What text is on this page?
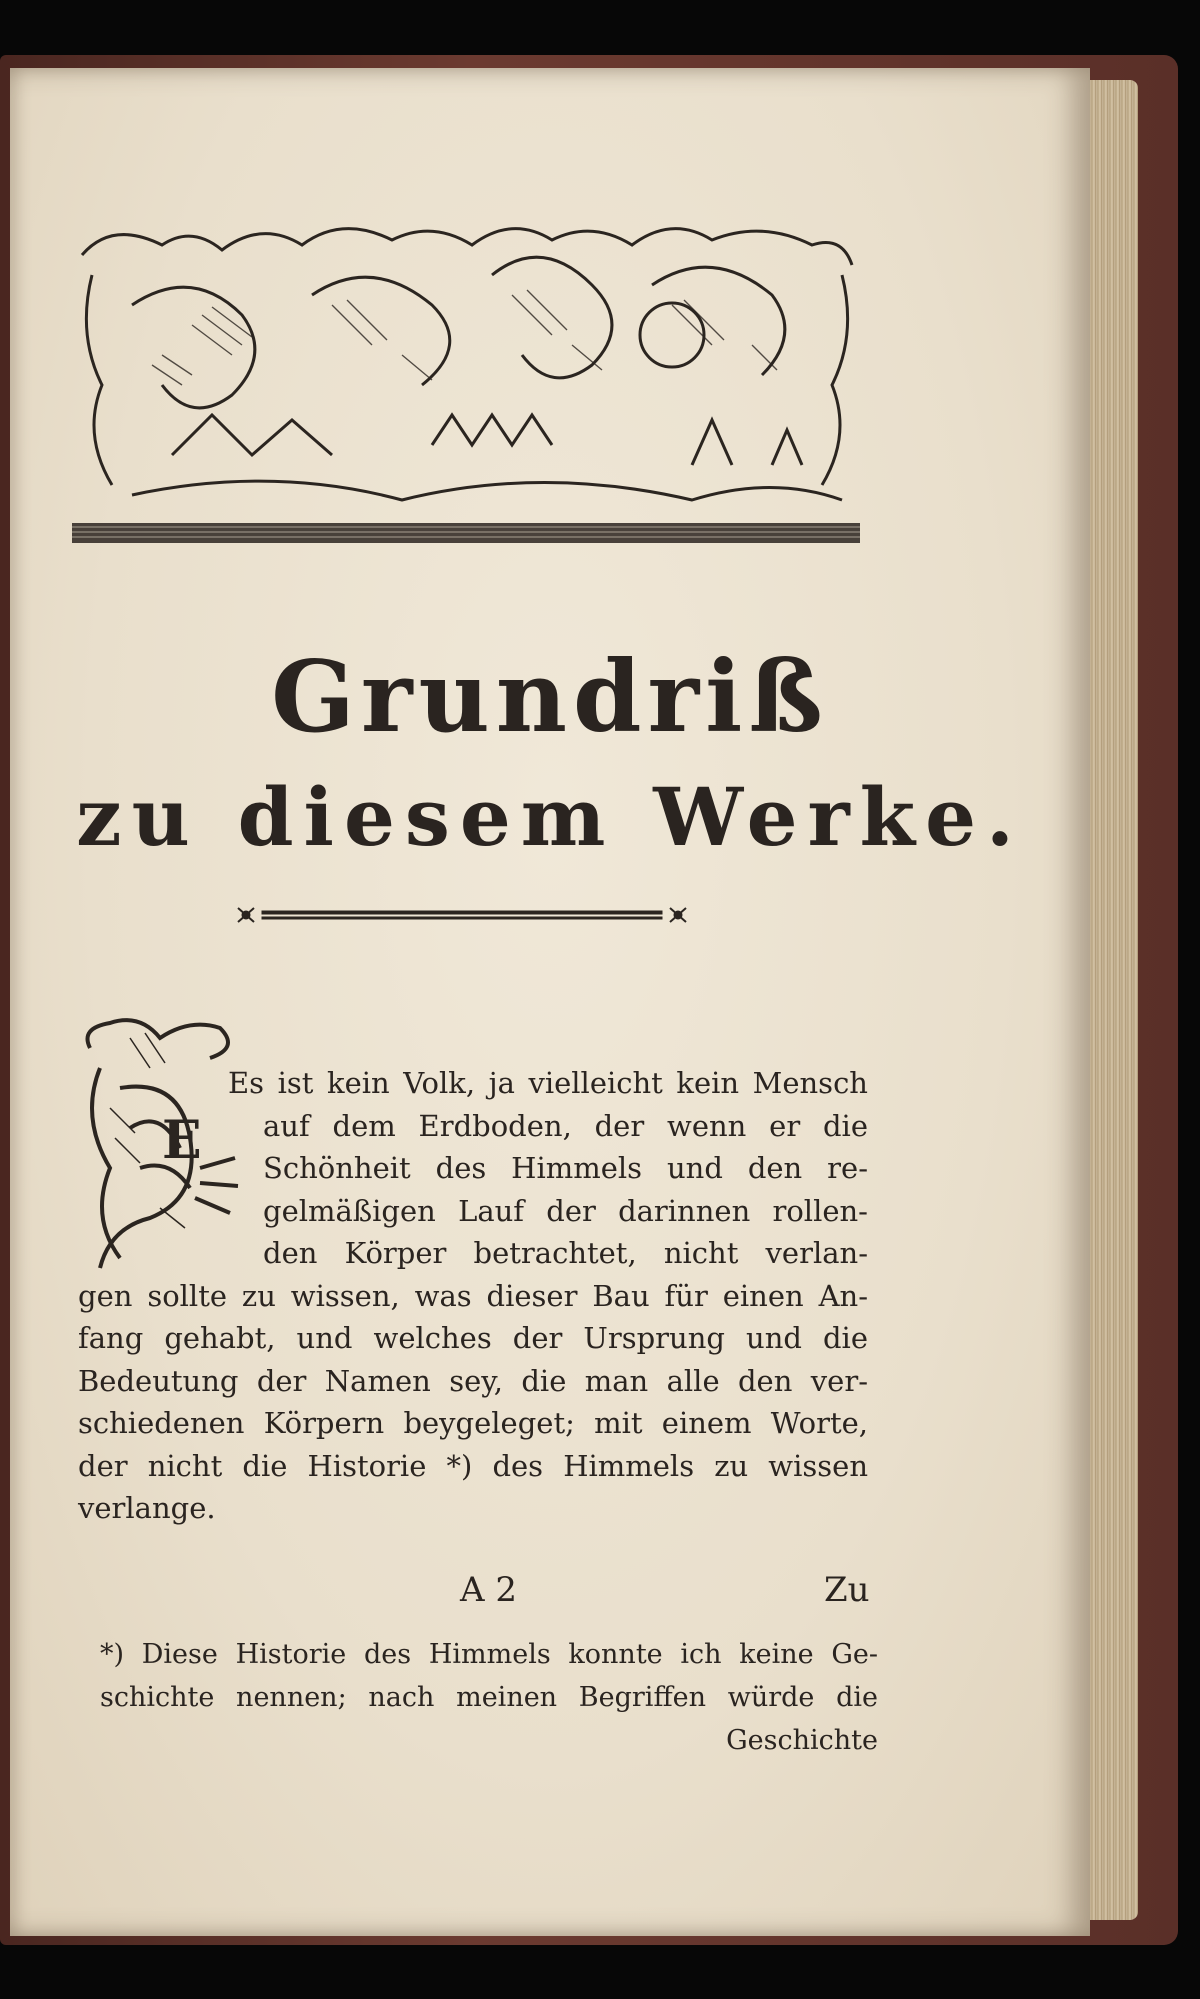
Grundriß
zu diesem Werke.
E
Es ist kein Volk, ja vielleicht kein Mensch
auf dem Erdboden, der wenn er die
Schönheit des Himmels und den re-
gelmäßigen Lauf der darinnen rollen-
den Körper betrachtet, nicht verlan-
gen sollte zu wissen, was dieser Bau für einen An-
fang gehabt, und welches der Ursprung und die
Bedeutung der Namen sey, die man alle den ver-
schiedenen Körpern beygeleget; mit einem Worte,
der nicht die Historie *) des Himmels zu wissen
verlange.
A 2	Zu
*) Diese Historie des Himmels konnte ich keine Ge-
schichte nennen; nach meinen Begriffen würde die
Geschichte
